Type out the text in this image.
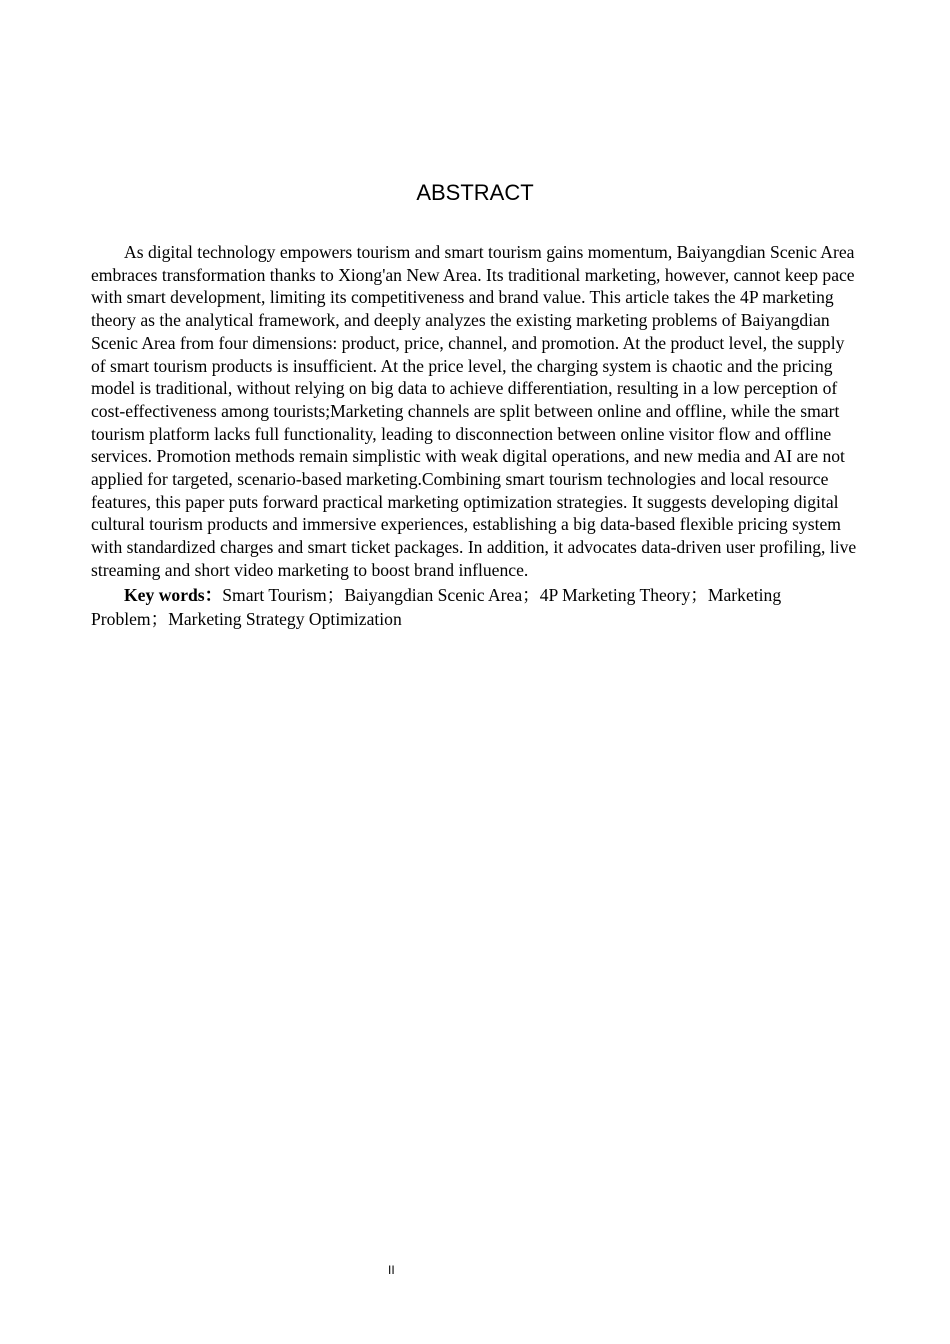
ABSTRACT

As digital technology empowers tourism and smart tourism gains momentum, Baiyangdian Scenic Area embraces transformation thanks to Xiong'an New Area. Its traditional marketing, however, cannot keep pace with smart development, limiting its competitiveness and brand value. This article takes the 4P marketing theory as the analytical framework, and deeply analyzes the existing marketing problems of Baiyangdian Scenic Area from four dimensions: product, price, channel, and promotion. At the product level, the supply of smart tourism products is insufficient. At the price level, the charging system is chaotic and the pricing model is traditional, without relying on big data to achieve differentiation, resulting in a low perception of cost-effectiveness among tourists;Marketing channels are split between online and offline, while the smart tourism platform lacks full functionality, leading to disconnection between online visitor flow and offline services. Promotion methods remain simplistic with weak digital operations, and new media and AI are not applied for targeted, scenario-based marketing.Combining smart tourism technologies and local resource features, this paper puts forward practical marketing optimization strategies. It suggests developing digital cultural tourism products and immersive experiences, establishing a big data-based flexible pricing system with standardized charges and smart ticket packages. In addition, it advocates data-driven user profiling, live streaming and short video marketing to boost brand influence.

Key words：Smart Tourism；Baiyangdian Scenic Area；4P Marketing Theory；Marketing Problem；Marketing Strategy Optimization

II
